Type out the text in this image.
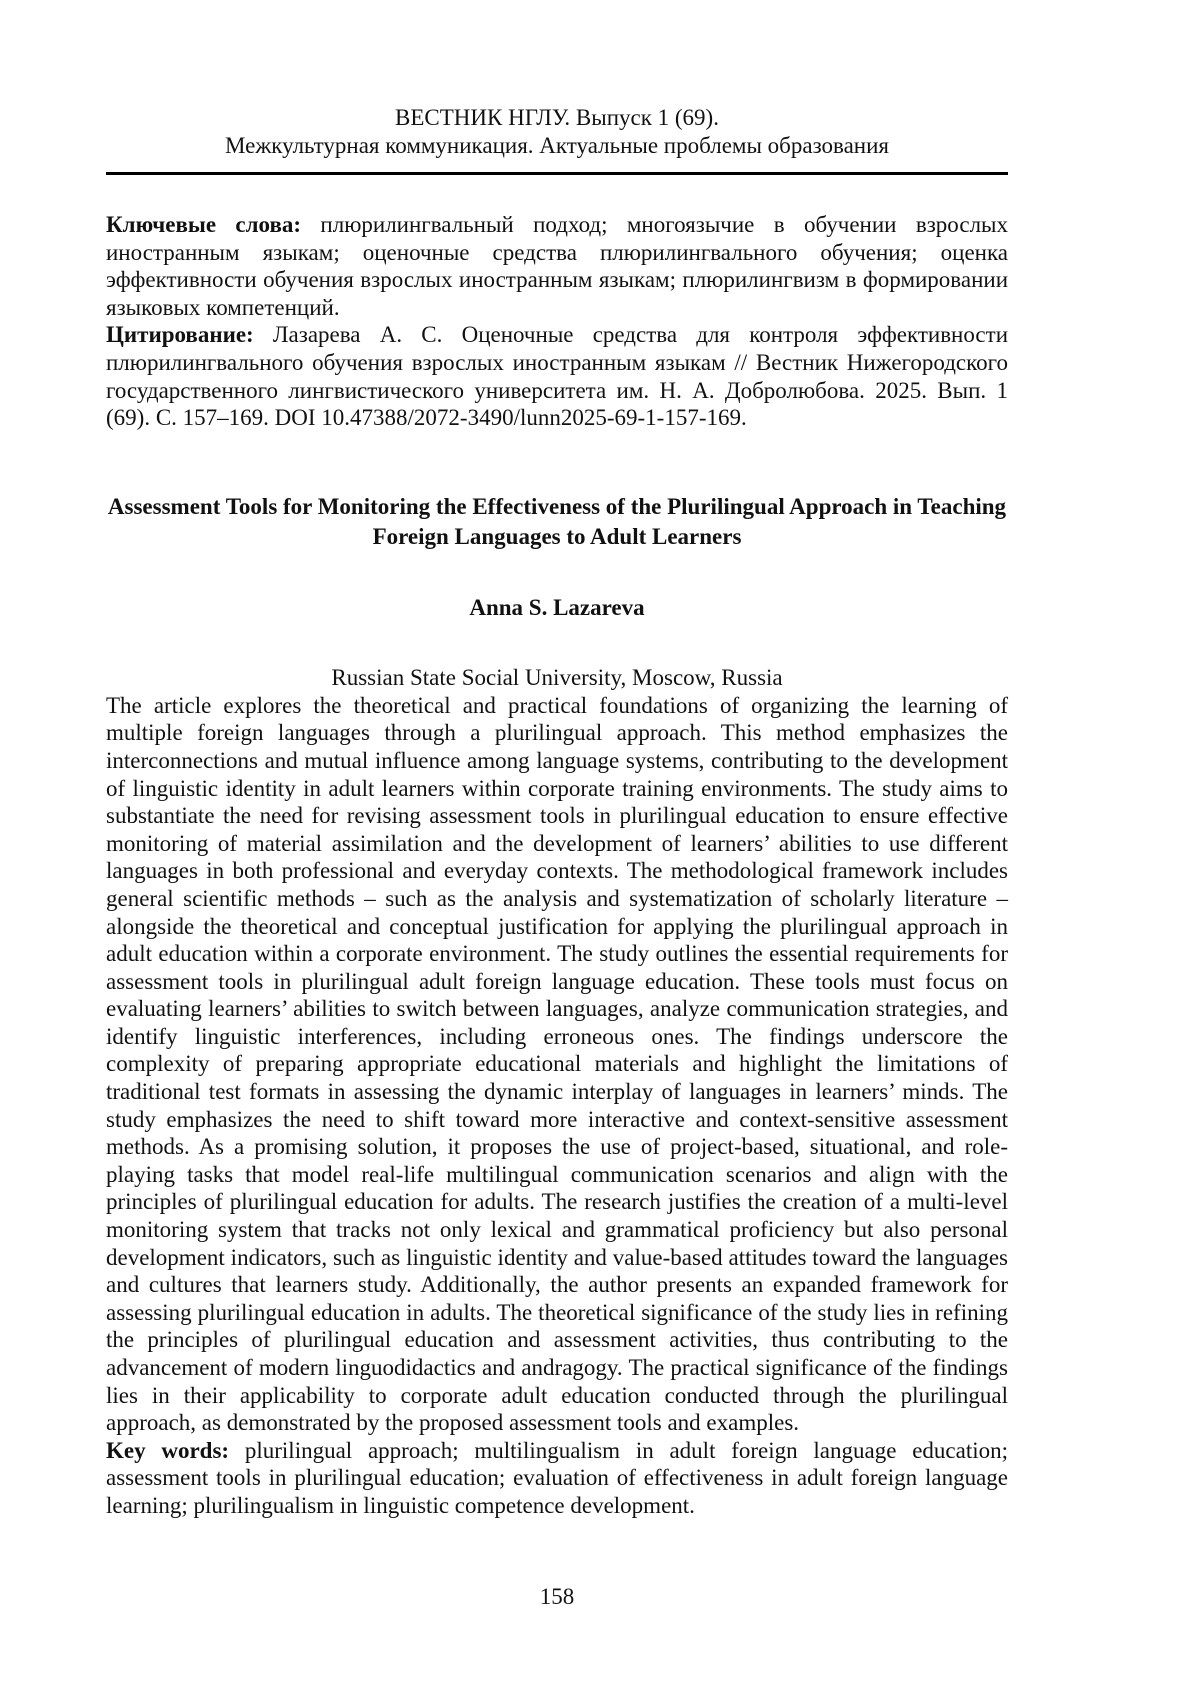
ВЕСТНИК НГЛУ. Выпуск 1 (69).
Межкультурная коммуникация. Актуальные проблемы образования

Ключевые слова: плюрилингвальный подход; многоязычие в обучении взрослых иностранным языкам; оценочные средства плюрилингвального обучения; оценка эффективности обучения взрослых иностранным языкам; плюрилингвизм в формировании языковых компетенций.

Цитирование: Лазарева А. С. Оценочные средства для контроля эффективности плюрилингвального обучения взрослых иностранным языкам // Вестник Нижегородского государственного лингвистического университета им. Н. А. Добролюбова. 2025. Вып. 1 (69). С. 157–169. DOI 10.47388/2072-3490/lunn2025-69-1-157-169.

Assessment Tools for Monitoring the Effectiveness of the Plurilingual Approach in Teaching Foreign Languages to Adult Learners
Anna S. Lazareva
Russian State Social University, Moscow, Russia

The article explores the theoretical and practical foundations of organizing the learning of multiple foreign languages through a plurilingual approach. This method emphasizes the interconnections and mutual influence among language systems, contributing to the development of linguistic identity in adult learners within corporate training environments. The study aims to substantiate the need for revising assessment tools in plurilingual education to ensure effective monitoring of material assimilation and the development of learners’ abilities to use different languages in both professional and everyday contexts. The methodological framework includes general scientific methods – such as the analysis and systematization of scholarly literature – alongside the theoretical and conceptual justification for applying the plurilingual approach in adult education within a corporate environment. The study outlines the essential requirements for assessment tools in plurilingual adult foreign language education. These tools must focus on evaluating learners’ abilities to switch between languages, analyze communication strategies, and identify linguistic interferences, including erroneous ones. The findings underscore the complexity of preparing appropriate educational materials and highlight the limitations of traditional test formats in assessing the dynamic interplay of languages in learners’ minds. The study emphasizes the need to shift toward more interactive and context-sensitive assessment methods. As a promising solution, it proposes the use of project-based, situational, and role-playing tasks that model real-life multilingual communication scenarios and align with the principles of plurilingual education for adults. The research justifies the creation of a multi-level monitoring system that tracks not only lexical and grammatical proficiency but also personal development indicators, such as linguistic identity and value-based attitudes toward the languages and cultures that learners study. Additionally, the author presents an expanded framework for assessing plurilingual education in adults. The theoretical significance of the study lies in refining the principles of plurilingual education and assessment activities, thus contributing to the advancement of modern linguodidactics and andragogy. The practical significance of the findings lies in their applicability to corporate adult education conducted through the plurilingual approach, as demonstrated by the proposed assessment tools and examples.

Key words: plurilingual approach; multilingualism in adult foreign language education; assessment tools in plurilingual education; evaluation of effectiveness in adult foreign language learning; plurilingualism in linguistic competence development.

158
